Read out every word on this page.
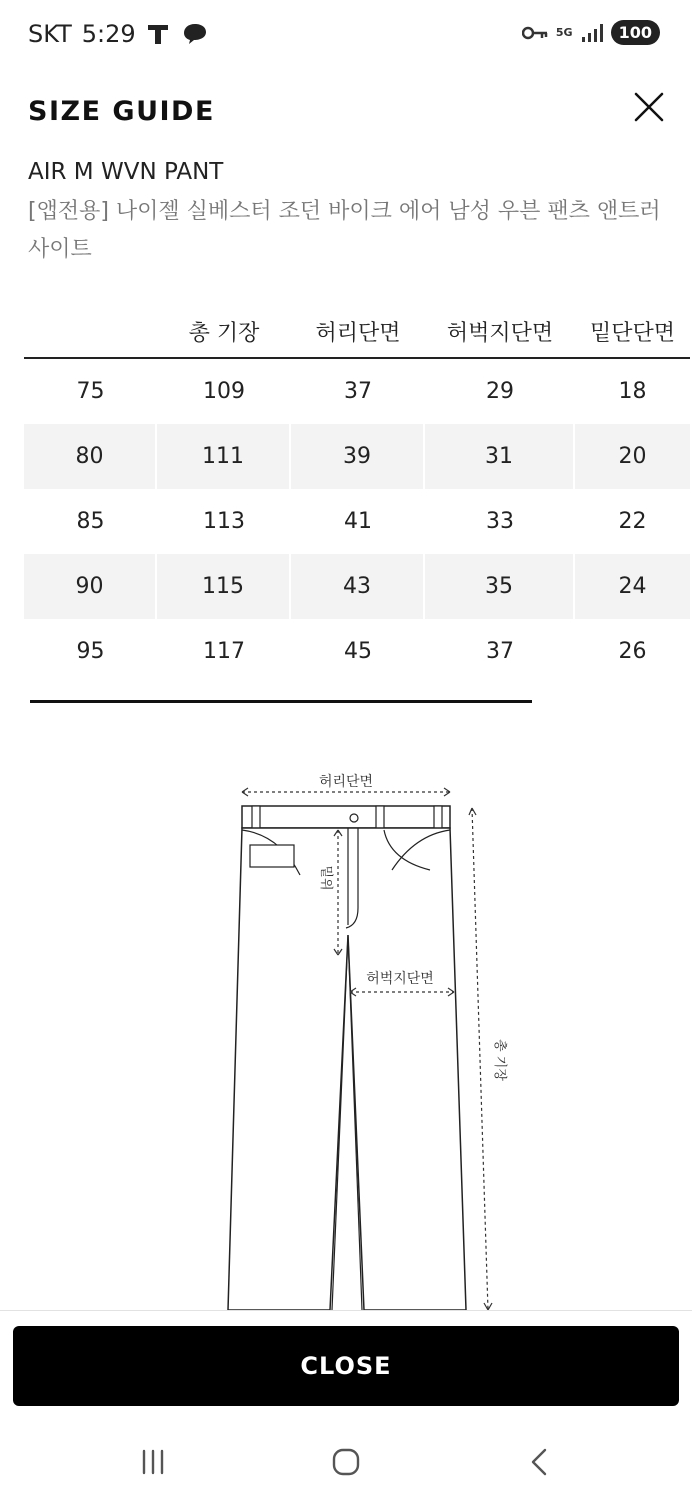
SKT 5:29	5G	100
SIZE GUIDE
AIR M WVN PANT
[앱전용] 나이젤 실베스터 조던 바이크 에어 남성 우븐 팬츠 앤트러사이트
	총 기장	허리단면	허벅지단면	밑단단면
75	109	37	29	18
80	111	39	31	20
85	113	41	33	22
90	115	43	35	24
95	117	45	37	26
허리단면
밑위
허벅지단면
총 기장
CLOSE
